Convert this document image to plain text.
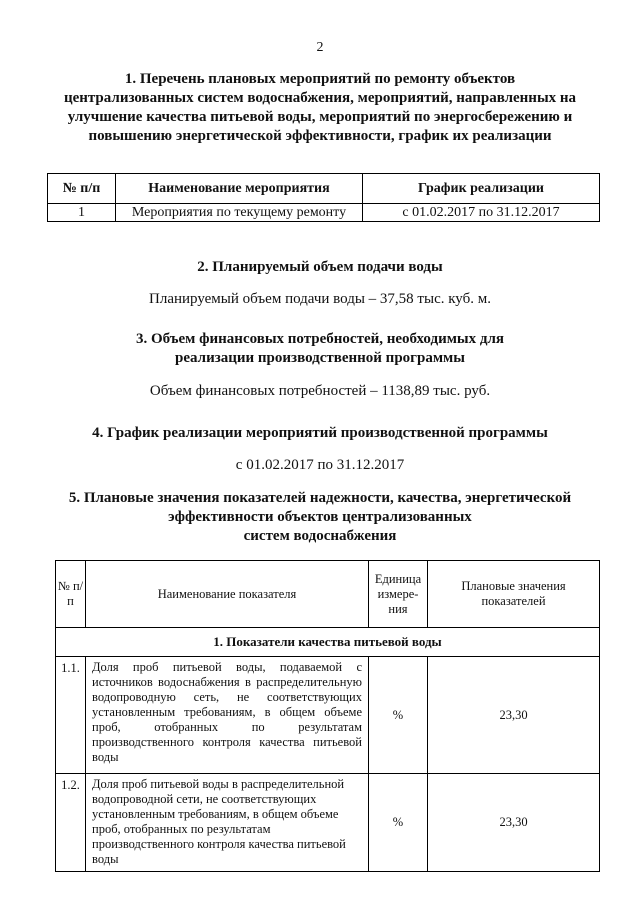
2
1. Перечень плановых мероприятий по ремонту объектов
централизованных систем водоснабжения, мероприятий, направленных на
улучшение качества питьевой воды, мероприятий по энергосбережению и
повышению энергетической эффективности, график их реализации
№ п/п	Наименование мероприятия	График реализации
1	Мероприятия по текущему ремонту	с 01.02.2017 по 31.12.2017
2. Планируемый объем подачи воды
Планируемый объем подачи воды – 37,58 тыс. куб. м.
3. Объем финансовых потребностей, необходимых для
реализации производственной программы
Объем финансовых потребностей – 1138,89 тыс. руб.
4. График реализации мероприятий производственной программы
с 01.02.2017 по 31.12.2017
5. Плановые значения показателей надежности, качества, энергетической
эффективности объектов централизованных
систем водоснабжения
№ п/п	Наименование показателя	Единица измере-ния	Плановые значения показателей
1. Показатели качества питьевой воды			
1.1.	Доля проб питьевой воды, подаваемой с источников водоснабжения в распределительную водопроводную сеть, не соответствующих установленным требованиям, в общем объеме проб, отобранных по результатам производственного контроля качества питьевой воды	%	23,30
1.2.	Доля проб питьевой воды в распределительной водопроводной сети, не соответствующих установленным требованиям, в общем объеме проб, отобранных по результатам производственного контроля качества питьевой воды	%	23,30
